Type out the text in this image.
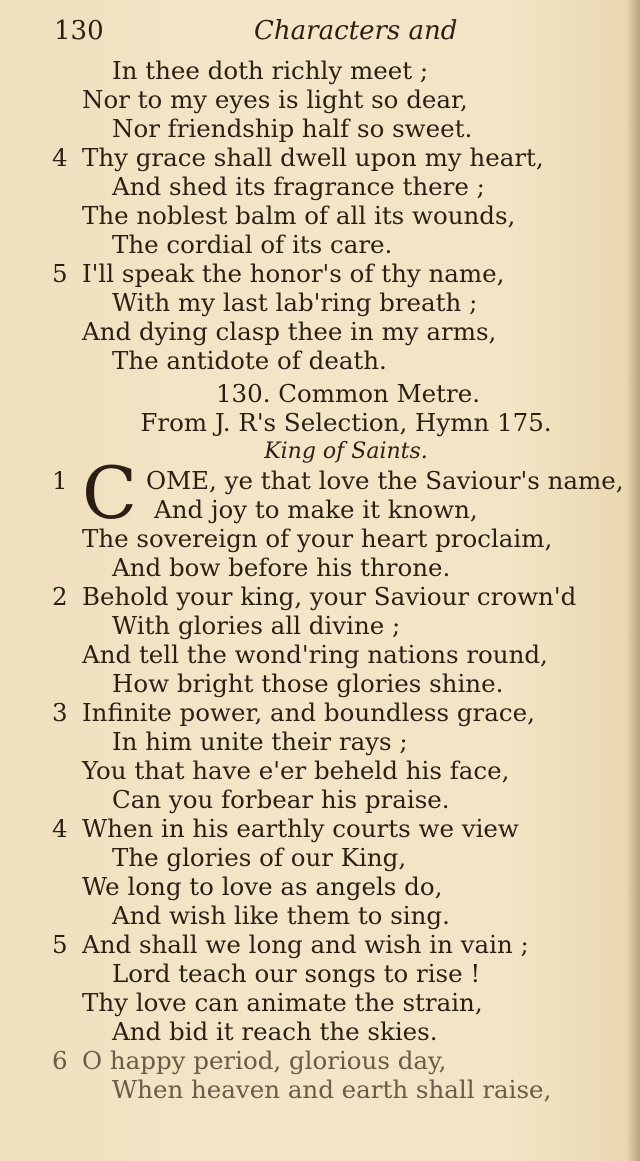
130	Characters and
In thee doth richly meet ;
Nor to my eyes is light so dear,
Nor friendship half so sweet.
4 Thy grace shall dwell upon my heart,
And shed its fragrance there ;
The noblest balm of all its wounds,
The cordial of its care.
5 I'll speak the honor's of thy name,
With my last lab'ring breath ;
And dying clasp thee in my arms,
The antidote of death.
130. Common Metre.
From J. R's Selection, Hymn 175.
King of Saints.
1 C OME, ye that love the Saviour's name,
And joy to make it known,
The sovereign of your heart proclaim,
And bow before his throne.
2 Behold your king, your Saviour crown'd
With glories all divine ;
And tell the wond'ring nations round,
How bright those glories shine.
3 Infinite power, and boundless grace,
In him unite their rays ;
You that have e'er beheld his face,
Can you forbear his praise.
4 When in his earthly courts we view
The glories of our King,
We long to love as angels do,
And wish like them to sing.
5 And shall we long and wish in vain ;
Lord teach our songs to rise !
Thy love can animate the strain,
And bid it reach the skies.
6 O happy period, glorious day,
When heaven and earth shall raise,
